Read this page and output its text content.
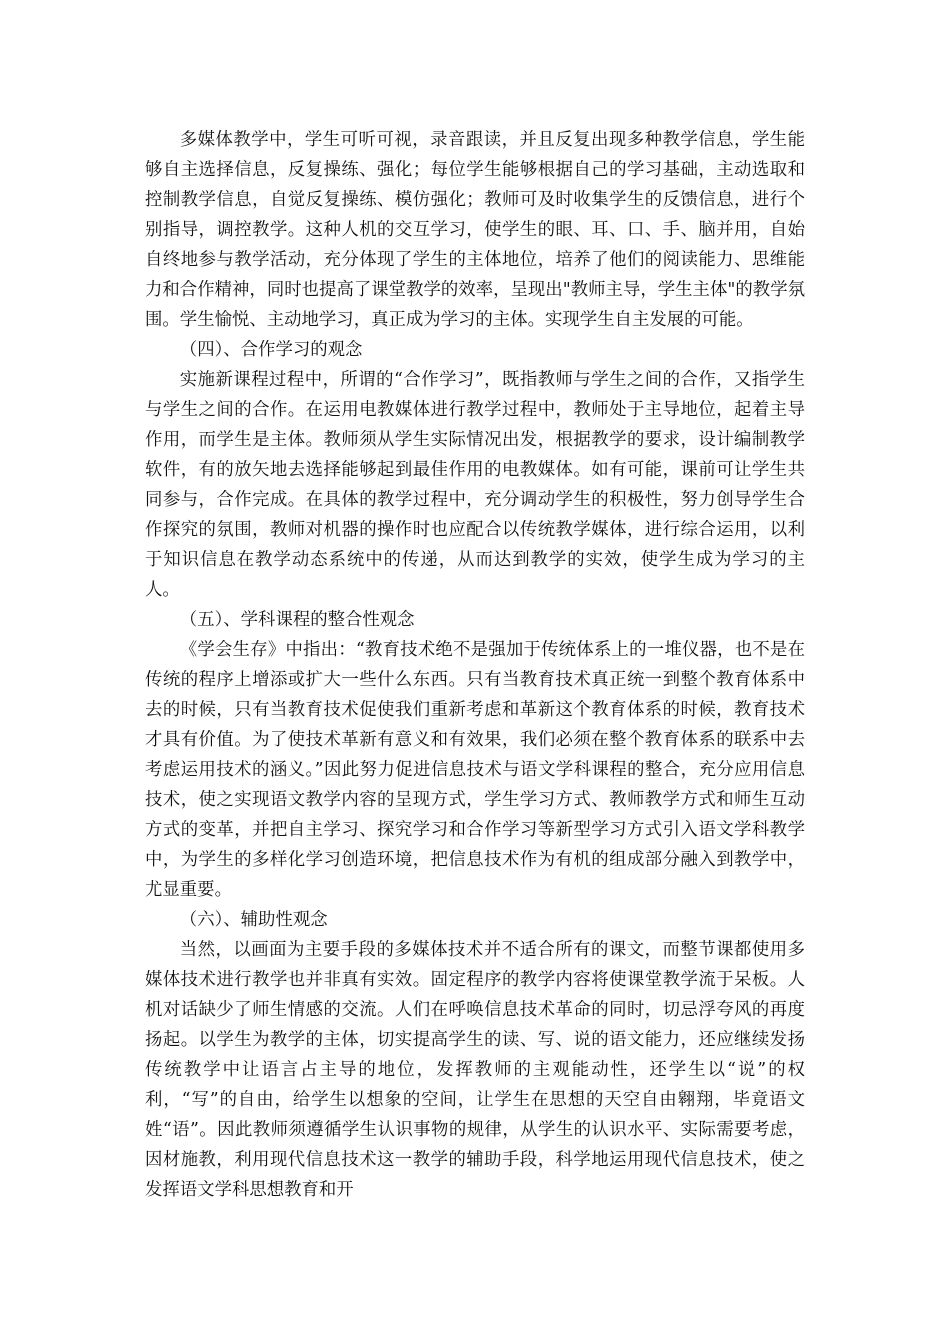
多媒体教学中，学生可听可视，录音跟读，并且反复出现多种教学信息，学生能够自主选择信息，反复操练、强化；每位学生能够根据自己的学习基础，主动选取和控制教学信息，自觉反复操练、模仿强化；教师可及时收集学生的反馈信息，进行个别指导，调控教学。这种人机的交互学习，使学生的眼、耳、口、手、脑并用，自始自终地参与教学活动，充分体现了学生的主体地位，培养了他们的阅读能力、思维能力和合作精神，同时也提高了课堂教学的效率，呈现出"教师主导，学生主体"的教学氛围。学生愉悦、主动地学习，真正成为学习的主体。实现学生自主发展的可能。

（四）、合作学习的观念

实施新课程过程中，所谓的“合作学习”，既指教师与学生之间的合作，又指学生与学生之间的合作。在运用电教媒体进行教学过程中，教师处于主导地位，起着主导作用，而学生是主体。教师须从学生实际情况出发，根据教学的要求，设计编制教学软件，有的放矢地去选择能够起到最佳作用的电教媒体。如有可能，课前可让学生共同参与，合作完成。在具体的教学过程中，充分调动学生的积极性，努力创导学生合作探究的氛围，教师对机器的操作时也应配合以传统教学媒体，进行综合运用，以利于知识信息在教学动态系统中的传递，从而达到教学的实效，使学生成为学习的主人。

（五）、学科课程的整合性观念

《学会生存》中指出：“教育技术绝不是强加于传统体系上的一堆仪器，也不是在传统的程序上增添或扩大一些什么东西。只有当教育技术真正统一到整个教育体系中去的时候，只有当教育技术促使我们重新考虑和革新这个教育体系的时候，教育技术才具有价值。为了使技术革新有意义和有效果，我们必须在整个教育体系的联系中去考虑运用技术的涵义。”因此努力促进信息技术与语文学科课程的整合，充分应用信息技术，使之实现语文教学内容的呈现方式，学生学习方式、教师教学方式和师生互动方式的变革，并把自主学习、探究学习和合作学习等新型学习方式引入语文学科教学中，为学生的多样化学习创造环境，把信息技术作为有机的组成部分融入到教学中，尤显重要。

（六）、辅助性观念

当然，以画面为主要手段的多媒体技术并不适合所有的课文，而整节课都使用多媒体技术进行教学也并非真有实效。固定程序的教学内容将使课堂教学流于呆板。人机对话缺少了师生情感的交流。人们在呼唤信息技术革命的同时，切忌浮夸风的再度扬起。以学生为教学的主体，切实提高学生的读、写、说的语文能力，还应继续发扬传统教学中让语言占主导的地位，发挥教师的主观能动性，还学生以“说”的权利，“写”的自由，给学生以想象的空间，让学生在思想的天空自由翱翔，毕竟语文姓“语”。因此教师须遵循学生认识事物的规律，从学生的认识水平、实际需要考虑，因材施教，利用现代信息技术这一教学的辅助手段，科学地运用现代信息技术，使之发挥语文学科思想教育和开
